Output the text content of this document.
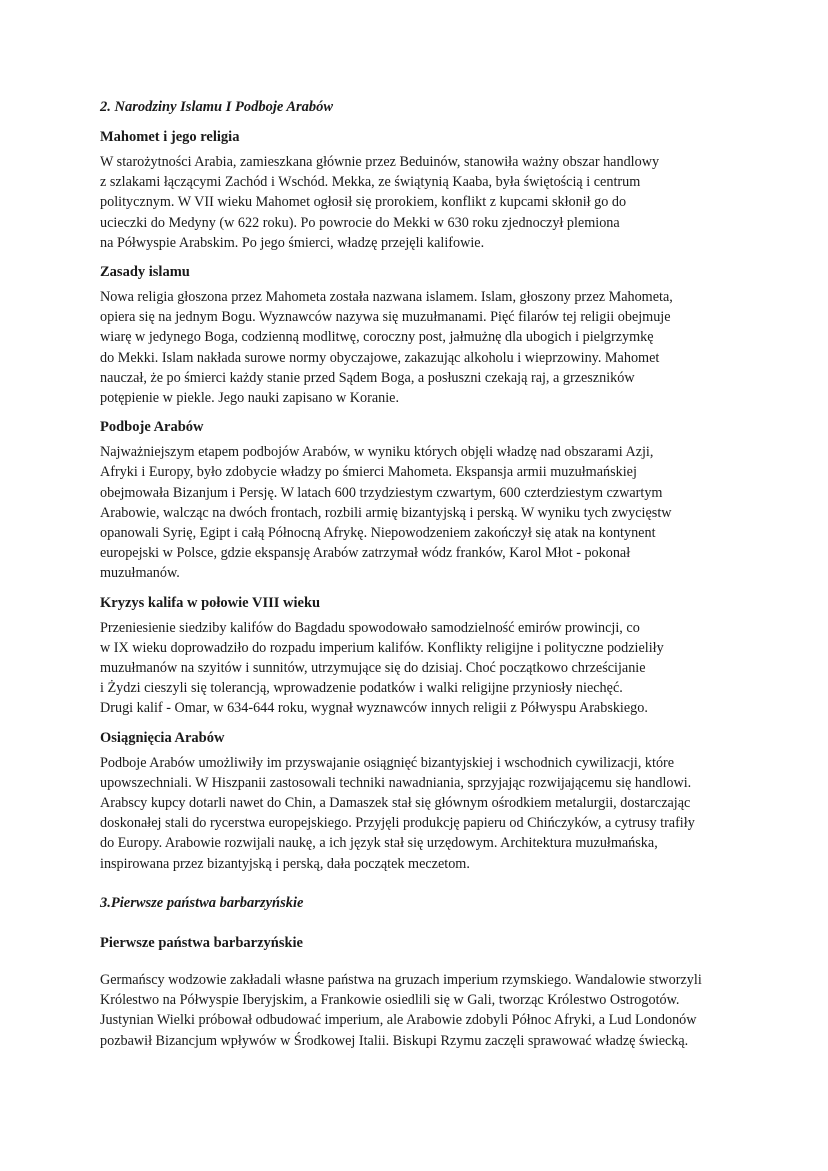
2. Narodziny Islamu I Podboje Arabów
Mahomet i jego religia
W starożytności Arabia, zamieszkana głównie przez Beduinów, stanowiła ważny obszar handlowy
z szlakami łączącymi Zachód i Wschód. Mekka, ze świątynią Kaaba, była świętością i centrum
politycznym. W VII wieku Mahomet ogłosił się prorokiem, konflikt z kupcami skłonił go do
ucieczki do Medyny (w 622 roku). Po powrocie do Mekki w 630 roku zjednoczył plemiona
na Półwyspie Arabskim. Po jego śmierci, władzę przejęli kalifowie.
Zasady islamu
Nowa religia głoszona przez Mahometa została nazwana islamem. Islam, głoszony przez Mahometa,
opiera się na jednym Bogu. Wyznawców nazywa się muzułmanami. Pięć filarów tej religii obejmuje
wiarę w jedynego Boga, codzienną modlitwę, coroczny post, jałmużnę dla ubogich i pielgrzymkę
do Mekki. Islam nakłada surowe normy obyczajowe, zakazując alkoholu i wieprzowiny. Mahomet
nauczał, że po śmierci każdy stanie przed Sądem Boga, a posłuszni czekają raj, a grzeszników
potępienie w piekle. Jego nauki zapisano w Koranie.
Podboje Arabów
Najważniejszym etapem podbojów Arabów, w wyniku których objęli władzę nad obszarami Azji,
Afryki i Europy, było zdobycie władzy po śmierci Mahometa. Ekspansja armii muzułmańskiej
obejmowała Bizanjum i Persję. W latach 600 trzydziestym czwartym, 600 czterdziestym czwartym
Arabowie, walcząc na dwóch frontach, rozbili armię bizantyjską i perską. W wyniku tych zwycięstw
opanowali Syrię, Egipt i całą Północną Afrykę. Niepowodzeniem zakończył się atak na kontynent
europejski w Polsce, gdzie ekspansję Arabów zatrzymał wódz franków, Karol Młot - pokonał
muzułmanów.
Kryzys kalifa w połowie VIII wieku
Przeniesienie siedziby kalifów do Bagdadu spowodowało samodzielność emirów prowincji, co
w IX wieku doprowadziło do rozpadu imperium kalifów. Konflikty religijne i polityczne podzieliły
muzułmanów na szyitów i sunnitów, utrzymujące się do dzisiaj. Choć początkowo chrześcijanie
i Żydzi cieszyli się tolerancją, wprowadzenie podatków i walki religijne przyniosły niechęć.
Drugi kalif - Omar, w 634-644 roku, wygnał wyznawców innych religii z Półwyspu Arabskiego.
Osiągnięcia Arabów
Podboje Arabów umożliwiły im przyswajanie osiągnięć bizantyjskiej i wschodnich cywilizacji, które
upowszechniali. W Hiszpanii zastosowali techniki nawadniania, sprzyjając rozwijającemu się handlowi.
Arabscy kupcy dotarli nawet do Chin, a Damaszek stał się głównym ośrodkiem metalurgii, dostarczając
doskonałej stali do rycerstwa europejskiego. Przyjęli produkcję papieru od Chińczyków, a cytrusy trafiły
do Europy. Arabowie rozwijali naukę, a ich język stał się urzędowym. Architektura muzułmańska,
inspirowana przez bizantyjską i perską, dała początek meczetom.
3.Pierwsze państwa barbarzyńskie
Pierwsze państwa barbarzyńskie
Germańscy wodzowie zakładali własne państwa na gruzach imperium rzymskiego. Wandalowie stworzyli
Królestwo na Półwyspie Iberyjskim, a Frankowie osiedlili się w Gali, tworząc Królestwo Ostrogotów.
Justynian Wielki próbował odbudować imperium, ale Arabowie zdobyli Północ Afryki, a Lud Londonów
pozbawił Bizancjum wpływów w Środkowej Italii. Biskupi Rzymu zaczęli sprawować władzę świecką.
